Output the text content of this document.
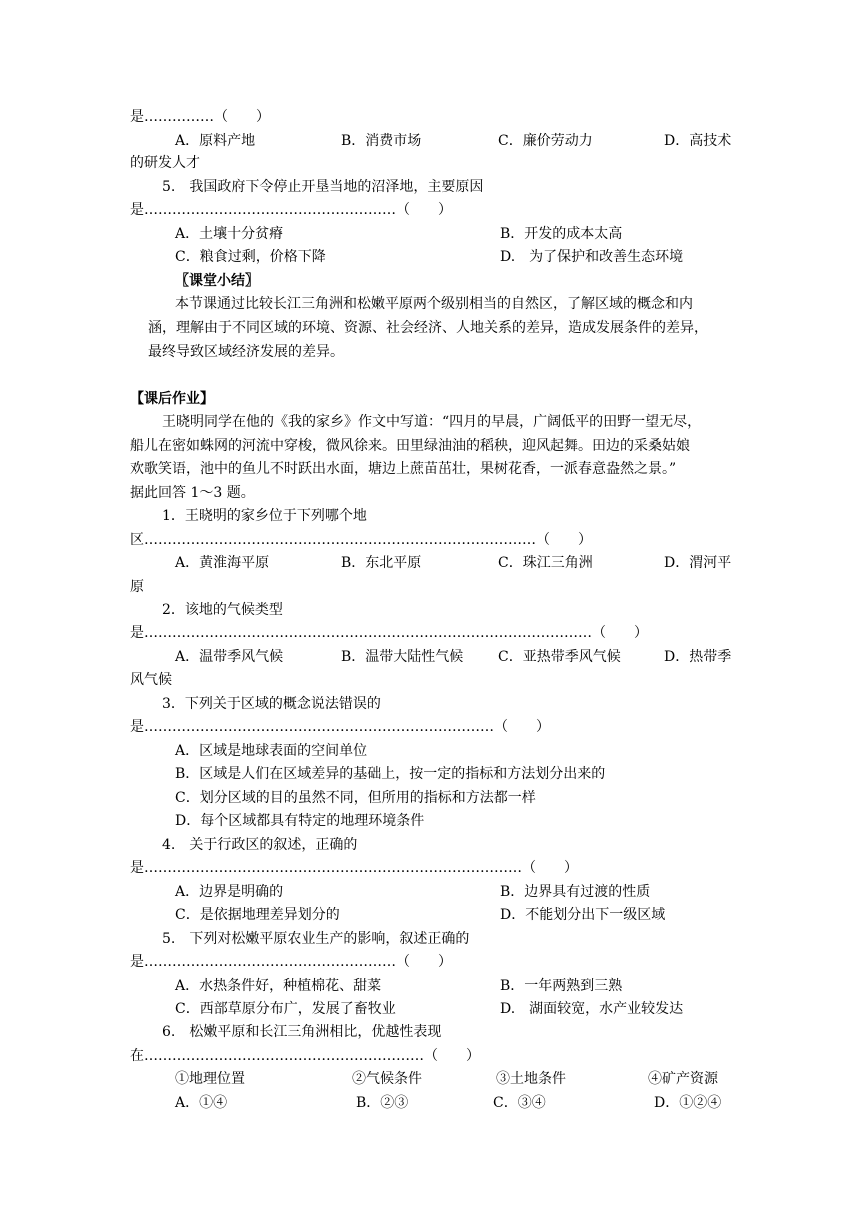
是……………（　　）
A．原料产地	B．消费市场	C．廉价劳动力	D．高技术
的研发人才
5.　我国政府下令停止开垦当地的沼泽地，主要原因
是………………………………………………（　　）
A．土壤十分贫瘠	B．开发的成本太高
C．粮食过剩，价格下降	D.　为了保护和改善生态环境
〖课堂小结〗
本节课通过比较长江三角洲和松嫩平原两个级别相当的自然区，了解区域的概念和内
涵，理解由于不同区域的环境、资源、社会经济、人地关系的差异，造成发展条件的差异，
最终导致区域经济发展的差异。
【课后作业】
王晓明同学在他的《我的家乡》作文中写道：“四月的早晨，广阔低平的田野一望无尽，
船儿在密如蛛网的河流中穿梭，微风徐来。田里绿油油的稻秧，迎风起舞。田边的采桑姑娘
欢歌笑语，池中的鱼儿不时跃出水面，塘边上蔗苗茁壮，果树花香，一派春意盎然之景。”
据此回答 1～3 题。
1．王晓明的家乡位于下列哪个地
区…………………………………………………………………………（　　）
A．黄淮海平原	B．东北平原	C．珠江三角洲	D．渭河平
原
2．该地的气候类型
是……………………………………………………………………………………（　　）
A．温带季风气候	B．温带大陆性气候 C．亚热带季风气候	D．热带季
风气候
3．下列关于区域的概念说法错误的
是…………………………………………………………………（　　）
A．区域是地球表面的空间单位
B．区域是人们在区域差异的基础上，按一定的指标和方法划分出来的
C．划分区域的目的虽然不同，但所用的指标和方法都一样
D．每个区域都具有特定的地理环境条件
4.　关于行政区的叙述，正确的
是………………………………………………………………………（　　）
A．边界是明确的	B．边界具有过渡的性质
C．是依据地理差异划分的	D．不能划分出下一级区域
5.　下列对松嫩平原农业生产的影响，叙述正确的
是………………………………………………（　　）
A．水热条件好，种植棉花、甜菜	B．一年两熟到三熟
C．西部草原分布广，发展了畜牧业	D.　湖面较宽，水产业较发达
6.　松嫩平原和长江三角洲相比，优越性表现
在……………………………………………………（　　）
①地理位置	②气候条件	③土地条件	④矿产资源
A．①④	B．②③	C．③④	D．①②④
